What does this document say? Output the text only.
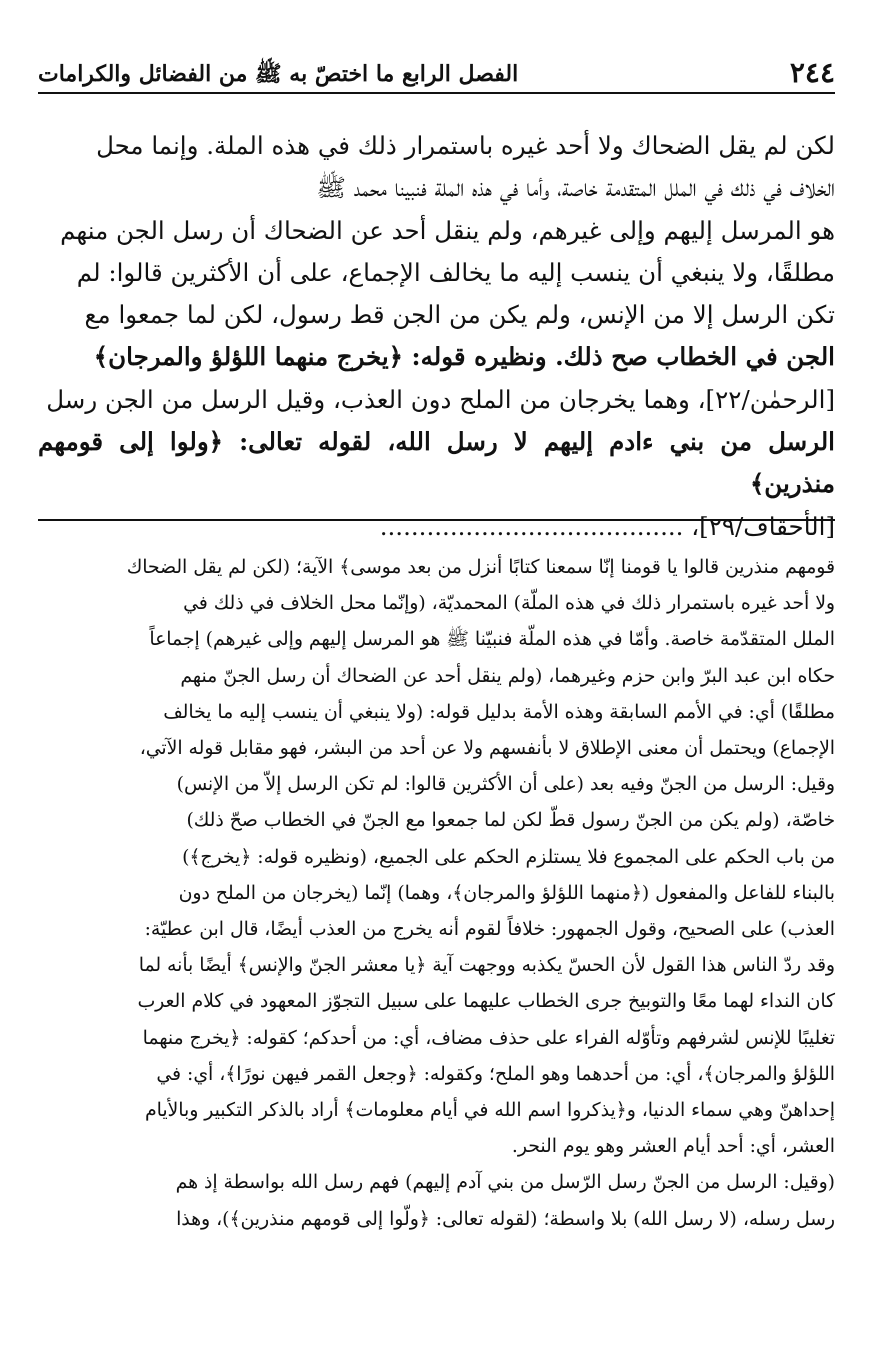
٢٤٤
الفصل الرابع ما اختصّ به ﷺ من الفضائل والكرامات

لكن لم يقل الضحاك ولا أحد غيره باستمرار ذلك في هذه الملة. وإنما محل

الخلاف في ذلك في الملل المتقدمة خاصة، وأما في هذه الملة فنبينا محمد ﷺ

هو المرسل إليهم وإلى غيرهم، ولم ينقل أحد عن الضحاك أن رسل الجن منهم

مطلقًا، ولا ينبغي أن ينسب إليه ما يخالف الإجماع، على أن الأكثرين قالوا: لم

تكن الرسل إلا من الإنس، ولم يكن من الجن قط رسول، لكن لما جمعوا مع

الجن في الخطاب صح ذلك. ونظيره قوله: ﴿يخرج منهما اللؤلؤ والمرجان﴾

[الرحمٰن/٢٢]، وهما يخرجان من الملح دون العذب، وقيل الرسل من الجن رسل

الرسل من بني ءادم إليهم لا رسل الله، لقوله تعالى: ﴿ولوا إلى قومهم منذرين﴾

[الأحقاف/٢٩]، .......................................

قومهم منذرين قالوا يا قومنا إنّا سمعنا كتابًا أنزل من بعد موسى﴾ الآية؛ (لكن لم يقل الضحاك

ولا أحد غيره باستمرار ذلك في هذه الملّة) المحمديّة، (وإنّما محل الخلاف في ذلك في

الملل المتقدّمة خاصة. وأمّا في هذه الملّة فنبيّنا ﷺ هو المرسل إليهم وإلى غيرهم) إجماعاً

حكاه ابن عبد البرّ وابن حزم وغيرهما، (ولم ينقل أحد عن الضحاك أن رسل الجنّ منهم

مطلقًا) أي: في الأمم السابقة وهذه الأمة بدليل قوله: (ولا ينبغي أن ينسب إليه ما يخالف

الإجماع) ويحتمل أن معنى الإطلاق لا بأنفسهم ولا عن أحد من البشر، فهو مقابل قوله الآتي،

وقيل: الرسل من الجنّ وفيه بعد (على أن الأكثرين قالوا: لم تكن الرسل إلاّ من الإنس)

خاصّة، (ولم يكن من الجنّ رسول قطّ لكن لما جمعوا مع الجنّ في الخطاب صحّ ذلك)

من باب الحكم على المجموع فلا يستلزم الحكم على الجميع، (ونظيره قوله: ﴿يخرج﴾)

بالبناء للفاعل والمفعول (﴿منهما اللؤلؤ والمرجان﴾، وهما) إنّما (يخرجان من الملح دون

العذب) على الصحيح، وقول الجمهور: خلافاً لقوم أنه يخرج من العذب أيضًا، قال ابن عطيّة:

وقد ردّ الناس هذا القول لأن الحسّ يكذبه ووجهت آية ﴿يا معشر الجنّ والإنس﴾ أيضًا بأنه لما

كان النداء لهما معًا والتوبيخ جرى الخطاب عليهما على سبيل التجوّز المعهود في كلام العرب

تغليبًا للإنس لشرفهم وتأوّله الفراء على حذف مضاف، أي: من أحدكم؛ كقوله: ﴿يخرج منهما

اللؤلؤ والمرجان﴾، أي: من أحدهما وهو الملح؛ وكقوله: ﴿وجعل القمر فيهن نورًا﴾، أي: في

إحداهنّ وهي سماء الدنيا، و﴿يذكروا اسم الله في أيام معلومات﴾ أراد بالذكر التكبير وبالأيام

العشر، أي: أحد أيام العشر وهو يوم النحر.

(وقيل: الرسل من الجنّ رسل الرّسل من بني آدم إليهم) فهم رسل الله بواسطة إذ هم

رسل رسله، (لا رسل الله) بلا واسطة؛ (لقوله تعالى: ﴿ولّوا إلى قومهم منذرين﴾)، وهذا
